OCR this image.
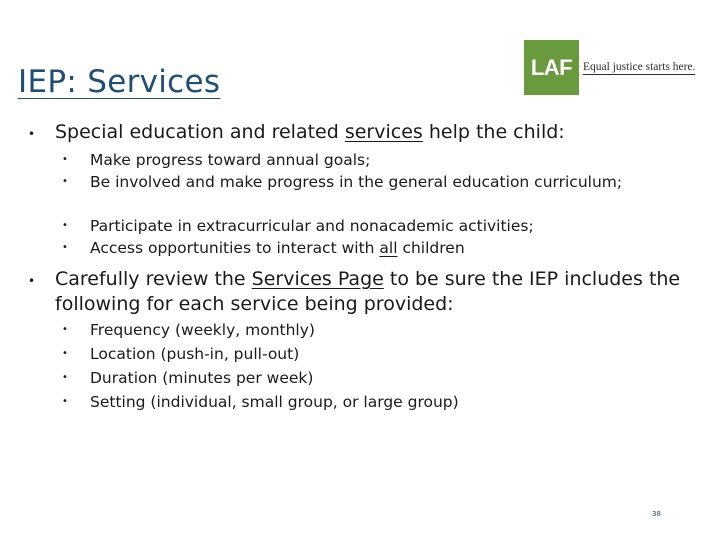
IEP: Services	LAF Equal justice starts here.
•	Special education and related services help the child:
•	Make progress toward annual goals;
•	Be involved and make progress in the general education curriculum;
•	Participate in extracurricular and nonacademic activities;
•	Access opportunities to interact with all children
•	Carefully review the Services Page to be sure the IEP includes the following for each service being provided:
•	Frequency (weekly, monthly)
•	Location (push-in, pull-out)
•	Duration (minutes per week)
•	Setting (individual, small group, or large group)
38
